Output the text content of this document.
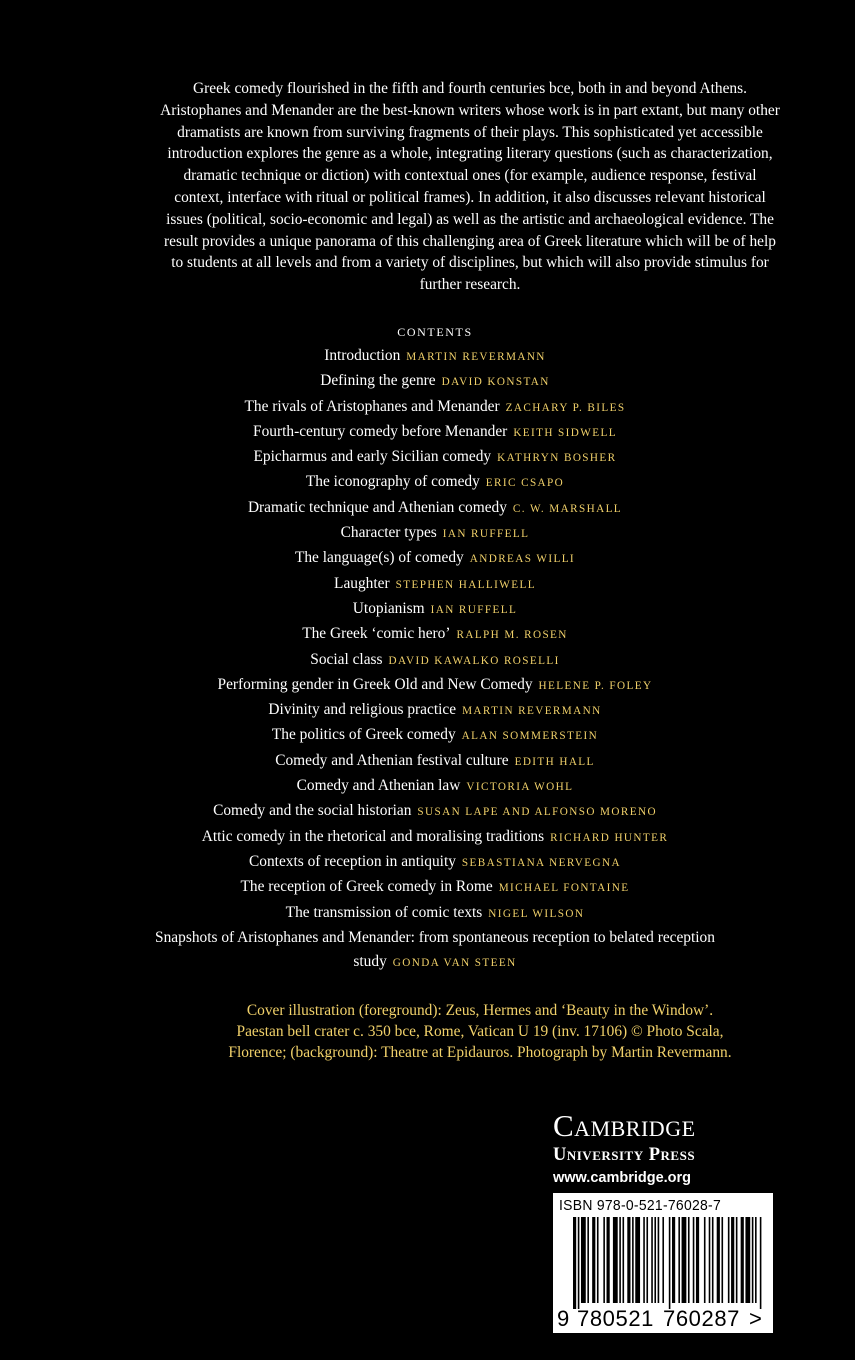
Greek comedy flourished in the fifth and fourth centuries bce, both in and beyond Athens. Aristophanes and Menander are the best-known writers whose work is in part extant, but many other dramatists are known from surviving fragments of their plays. This sophisticated yet accessible introduction explores the genre as a whole, integrating literary questions (such as characterization, dramatic technique or diction) with contextual ones (for example, audience response, festival context, interface with ritual or political frames). In addition, it also discusses relevant historical issues (political, socio-economic and legal) as well as the artistic and archaeological evidence. The result provides a unique panorama of this challenging area of Greek literature which will be of help to students at all levels and from a variety of disciplines, but which will also provide stimulus for further research.

CONTENTS
Introduction MARTIN REVERMANN
Defining the genre DAVID KONSTAN
The rivals of Aristophanes and Menander ZACHARY P. BILES
Fourth-century comedy before Menander KEITH SIDWELL
Epicharmus and early Sicilian comedy KATHRYN BOSHER
The iconography of comedy ERIC CSAPO
Dramatic technique and Athenian comedy C. W. MARSHALL
Character types IAN RUFFELL
The language(s) of comedy ANDREAS WILLI
Laughter STEPHEN HALLIWELL
Utopianism IAN RUFFELL
The Greek ‘comic hero’ RALPH M. ROSEN
Social class DAVID KAWALKO ROSELLI
Performing gender in Greek Old and New Comedy HELENE P. FOLEY
Divinity and religious practice MARTIN REVERMANN
The politics of Greek comedy ALAN SOMMERSTEIN
Comedy and Athenian festival culture EDITH HALL
Comedy and Athenian law VICTORIA WOHL
Comedy and the social historian SUSAN LAPE AND ALFONSO MORENO
Attic comedy in the rhetorical and moralising traditions RICHARD HUNTER
Contexts of reception in antiquity SEBASTIANA NERVEGNA
The reception of Greek comedy in Rome MICHAEL FONTAINE
The transmission of comic texts NIGEL WILSON
Snapshots of Aristophanes and Menander: from spontaneous reception to belated reception study GONDA VAN STEEN

Cover illustration (foreground): Zeus, Hermes and ‘Beauty in the Window’.

Paestan bell crater c. 350 bce, Rome, Vatican U 19 (inv. 17106) © Photo Scala,

Florence; (background): Theatre at Epidauros. Photograph by Martin Revermann.

Cambridge
University Press
www.cambridge.org
ISBN 978-0-521-76028-7
9 780521 760287 >
